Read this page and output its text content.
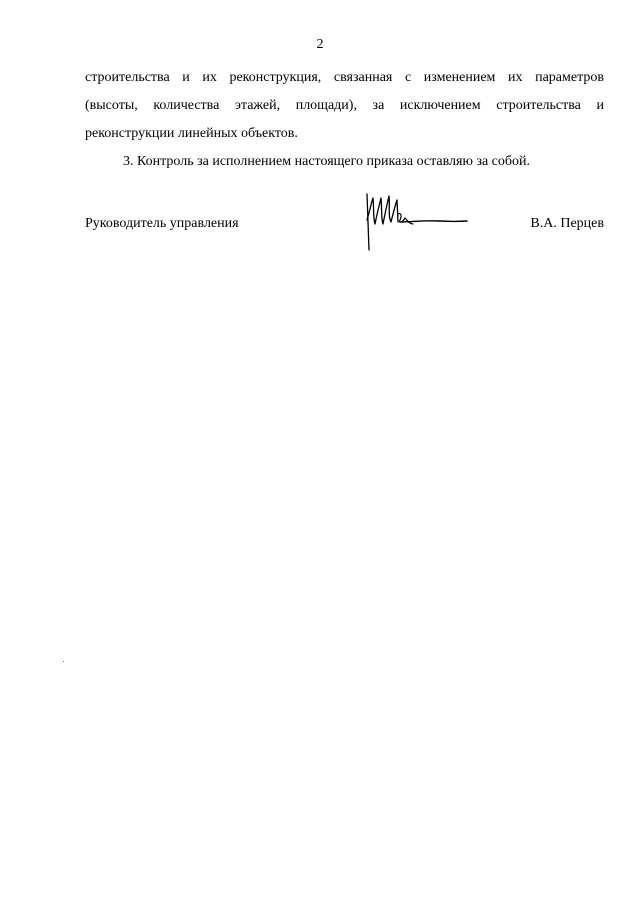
2

строительства и их реконструкция, связанная с изменением их параметров
(высоты, количества этажей, площади), за исключением строительства и
реконструкции линейных объектов.

3. Контроль за исполнением настоящего приказа оставляю за собой.

Руководитель управления	В.А. Перцев
